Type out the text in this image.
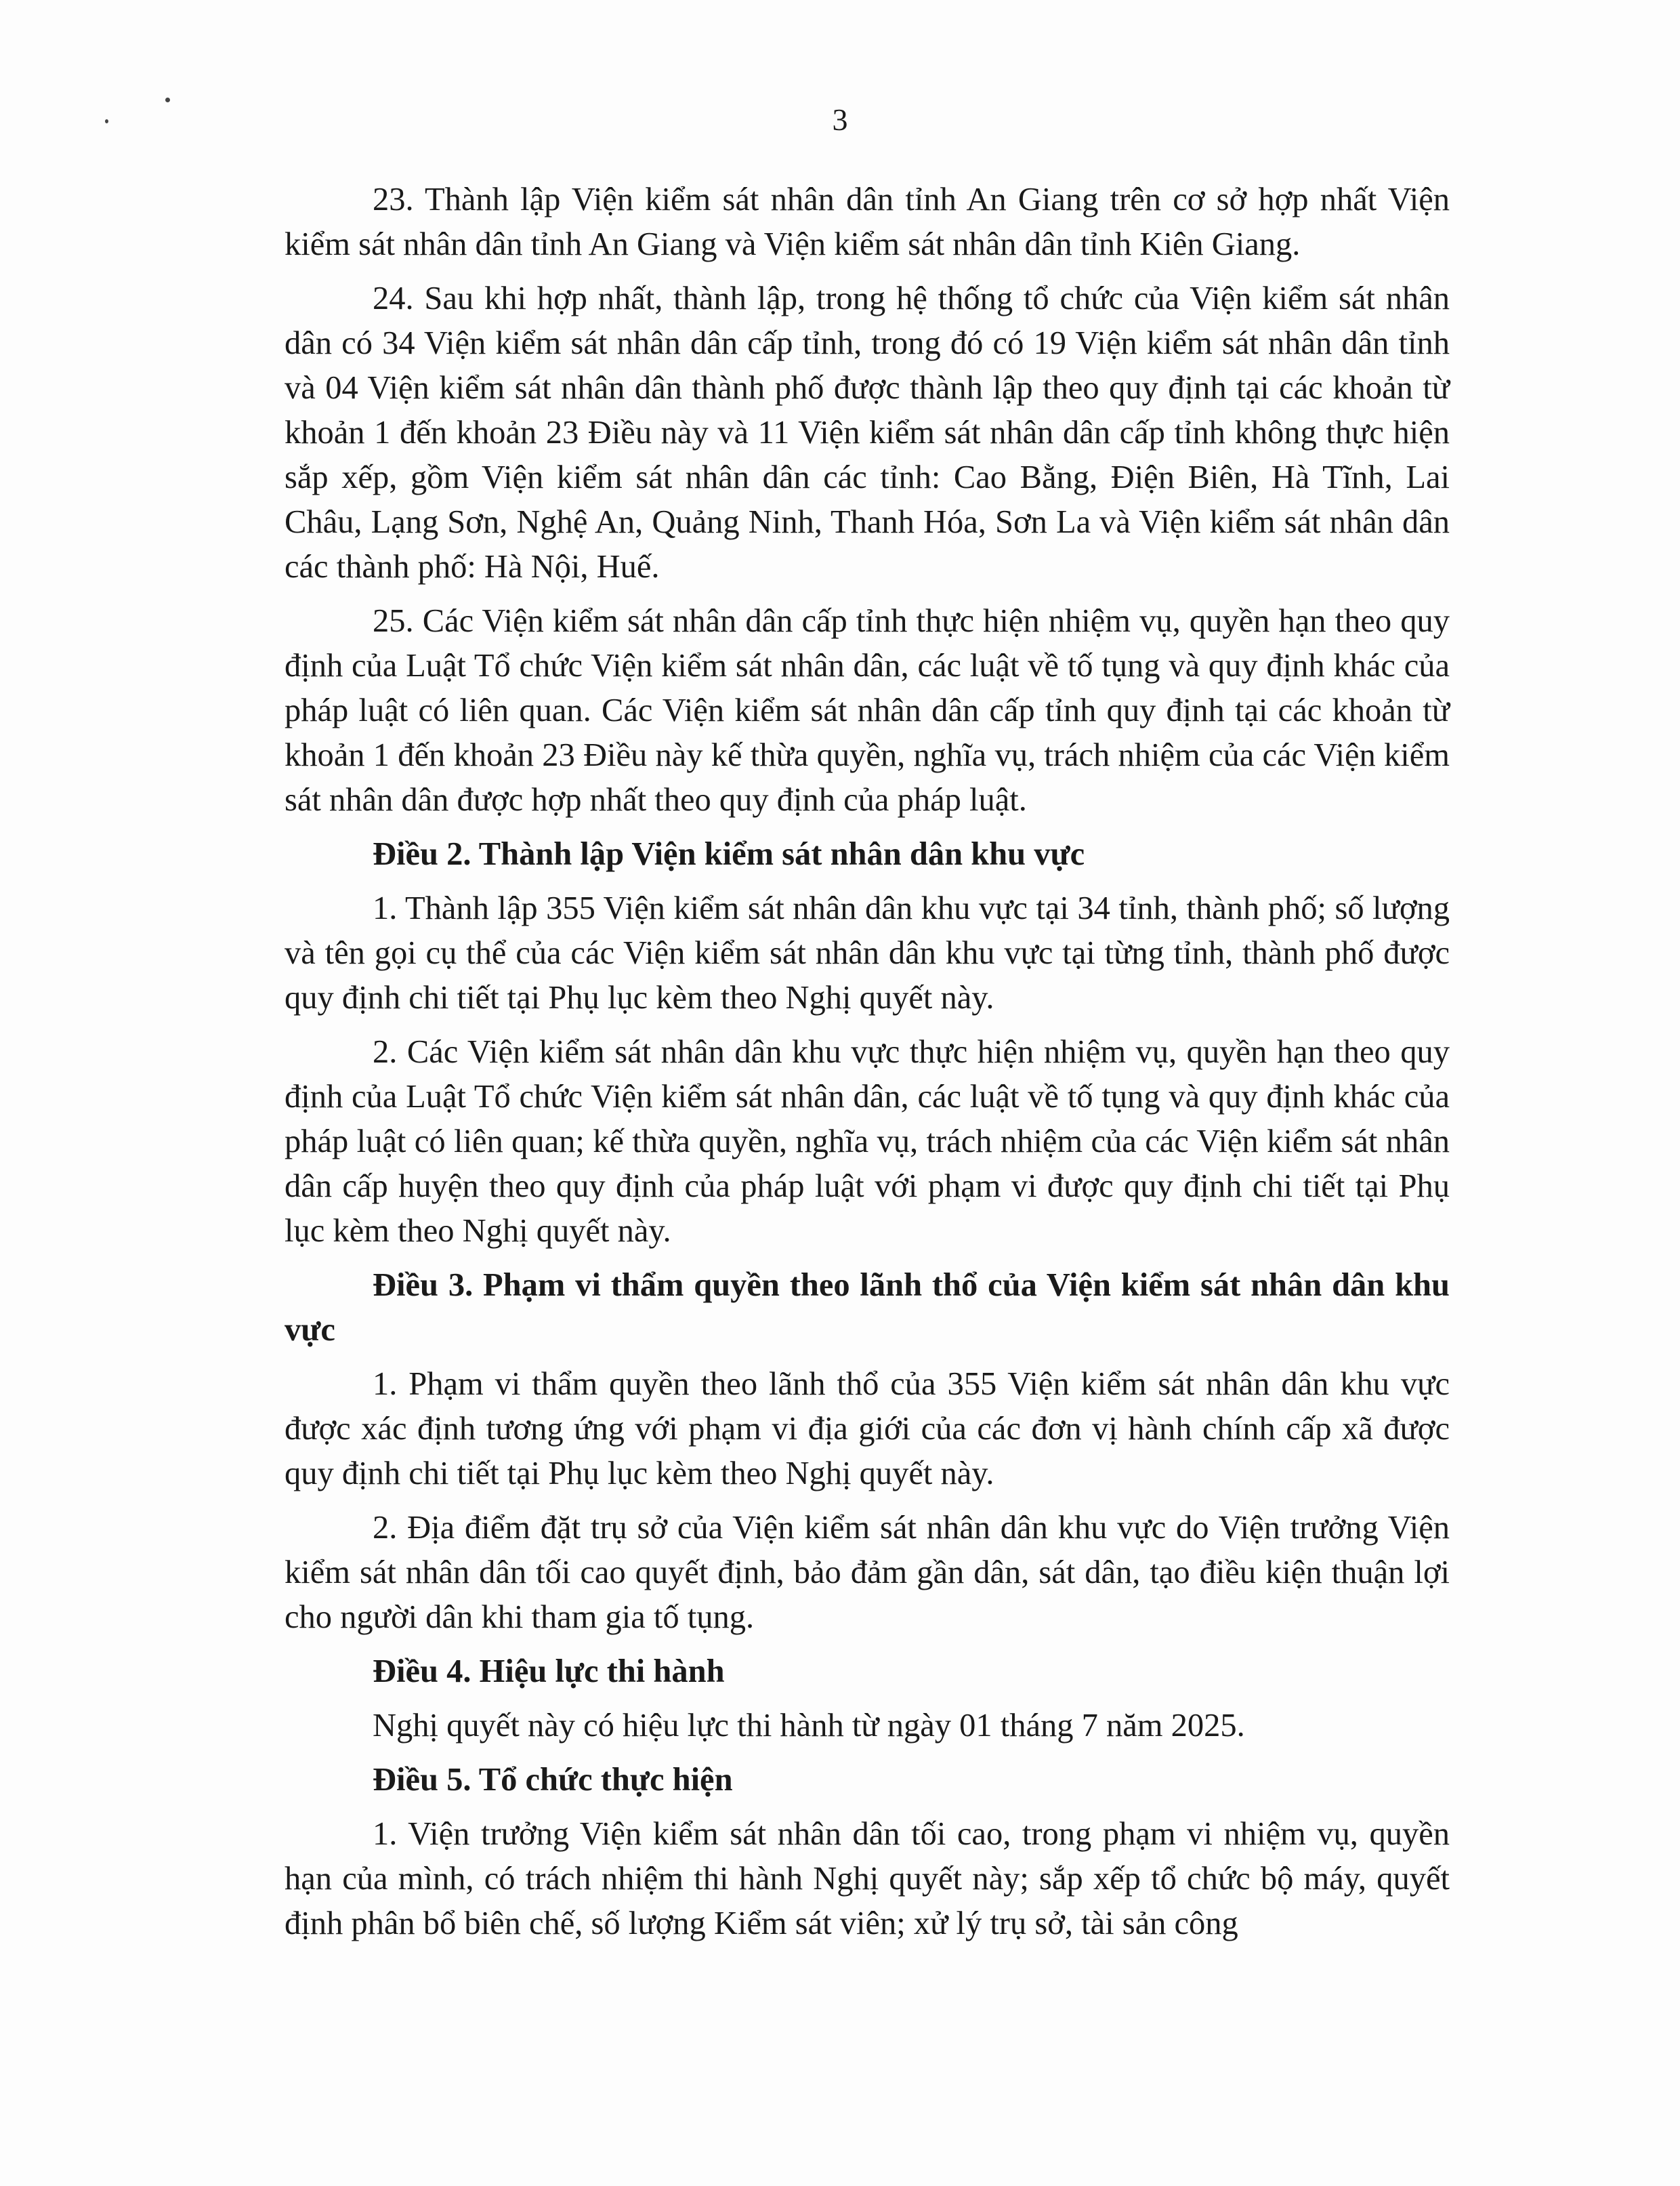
3

23. Thành lập Viện kiểm sát nhân dân tỉnh An Giang trên cơ sở hợp nhất Viện kiểm sát nhân dân tỉnh An Giang và Viện kiểm sát nhân dân tỉnh Kiên Giang.

24. Sau khi hợp nhất, thành lập, trong hệ thống tổ chức của Viện kiểm sát nhân dân có 34 Viện kiểm sát nhân dân cấp tỉnh, trong đó có 19 Viện kiểm sát nhân dân tỉnh và 04 Viện kiểm sát nhân dân thành phố được thành lập theo quy định tại các khoản từ khoản 1 đến khoản 23 Điều này và 11 Viện kiểm sát nhân dân cấp tỉnh không thực hiện sắp xếp, gồm Viện kiểm sát nhân dân các tỉnh: Cao Bằng, Điện Biên, Hà Tĩnh, Lai Châu, Lạng Sơn, Nghệ An, Quảng Ninh, Thanh Hóa, Sơn La và Viện kiểm sát nhân dân các thành phố: Hà Nội, Huế.

25. Các Viện kiểm sát nhân dân cấp tỉnh thực hiện nhiệm vụ, quyền hạn theo quy định của Luật Tổ chức Viện kiểm sát nhân dân, các luật về tố tụng và quy định khác của pháp luật có liên quan. Các Viện kiểm sát nhân dân cấp tỉnh quy định tại các khoản từ khoản 1 đến khoản 23 Điều này kế thừa quyền, nghĩa vụ, trách nhiệm của các Viện kiểm sát nhân dân được hợp nhất theo quy định của pháp luật.

Điều 2. Thành lập Viện kiểm sát nhân dân khu vực

1. Thành lập 355 Viện kiểm sát nhân dân khu vực tại 34 tỉnh, thành phố; số lượng và tên gọi cụ thể của các Viện kiểm sát nhân dân khu vực tại từng tỉnh, thành phố được quy định chi tiết tại Phụ lục kèm theo Nghị quyết này.

2. Các Viện kiểm sát nhân dân khu vực thực hiện nhiệm vụ, quyền hạn theo quy định của Luật Tổ chức Viện kiểm sát nhân dân, các luật về tố tụng và quy định khác của pháp luật có liên quan; kế thừa quyền, nghĩa vụ, trách nhiệm của các Viện kiểm sát nhân dân cấp huyện theo quy định của pháp luật với phạm vi được quy định chi tiết tại Phụ lục kèm theo Nghị quyết này.

Điều 3. Phạm vi thẩm quyền theo lãnh thổ của Viện kiểm sát nhân dân khu vực

1. Phạm vi thẩm quyền theo lãnh thổ của 355 Viện kiểm sát nhân dân khu vực được xác định tương ứng với phạm vi địa giới của các đơn vị hành chính cấp xã được quy định chi tiết tại Phụ lục kèm theo Nghị quyết này.

2. Địa điểm đặt trụ sở của Viện kiểm sát nhân dân khu vực do Viện trưởng Viện kiểm sát nhân dân tối cao quyết định, bảo đảm gần dân, sát dân, tạo điều kiện thuận lợi cho người dân khi tham gia tố tụng.

Điều 4. Hiệu lực thi hành

Nghị quyết này có hiệu lực thi hành từ ngày 01 tháng 7 năm 2025.

Điều 5. Tổ chức thực hiện

1. Viện trưởng Viện kiểm sát nhân dân tối cao, trong phạm vi nhiệm vụ, quyền hạn của mình, có trách nhiệm thi hành Nghị quyết này; sắp xếp tổ chức bộ máy, quyết định phân bổ biên chế, số lượng Kiểm sát viên; xử lý trụ sở, tài sản công
